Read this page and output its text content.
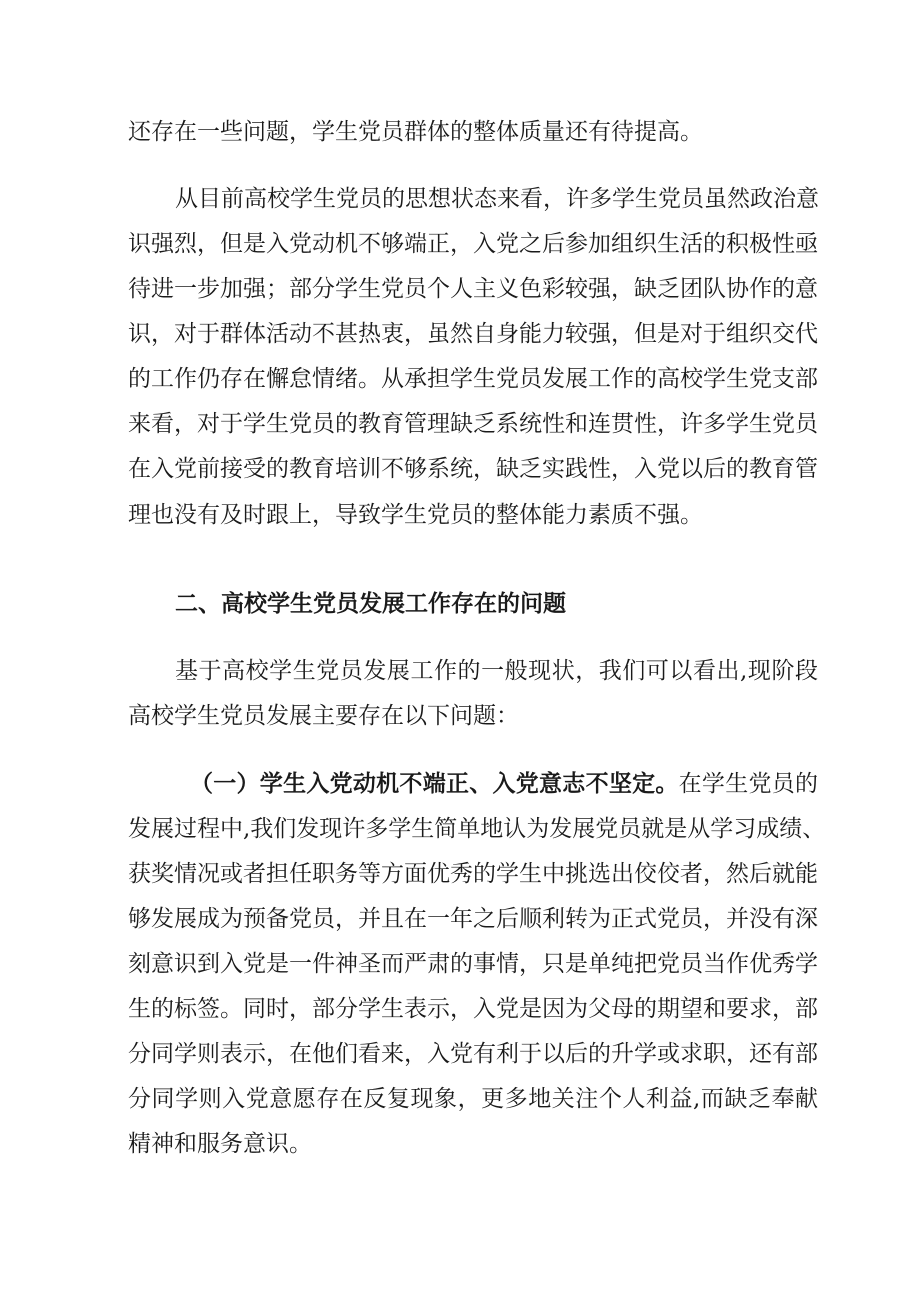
还存在一些问题，学生党员群体的整体质量还有待提高。
从目前高校学生党员的思想状态来看，许多学生党员虽然政治意
识强烈，但是入党动机不够端正，入党之后参加组织生活的积极性亟
待进一步加强；部分学生党员个人主义色彩较强，缺乏团队协作的意
识，对于群体活动不甚热衷，虽然自身能力较强，但是对于组织交代
的工作仍存在懈怠情绪。从承担学生党员发展工作的高校学生党支部
来看，对于学生党员的教育管理缺乏系统性和连贯性，许多学生党员
在入党前接受的教育培训不够系统，缺乏实践性，入党以后的教育管
理也没有及时跟上，导致学生党员的整体能力素质不强。
二、高校学生党员发展工作存在的问题
基于高校学生党员发展工作的一般现状，我们可以看出,现阶段
高校学生党员发展主要存在以下问题：
（一）学生入党动机不端正、入党意志不坚定。在学生党员的
发展过程中,我们发现许多学生简单地认为发展党员就是从学习成绩、
获奖情况或者担任职务等方面优秀的学生中挑选出佼佼者，然后就能
够发展成为预备党员，并且在一年之后顺利转为正式党员，并没有深
刻意识到入党是一件神圣而严肃的事情，只是单纯把党员当作优秀学
生的标签。同时，部分学生表示，入党是因为父母的期望和要求，部
分同学则表示，在他们看来，入党有利于以后的升学或求职，还有部
分同学则入党意愿存在反复现象，更多地关注个人利益,而缺乏奉献
精神和服务意识。
